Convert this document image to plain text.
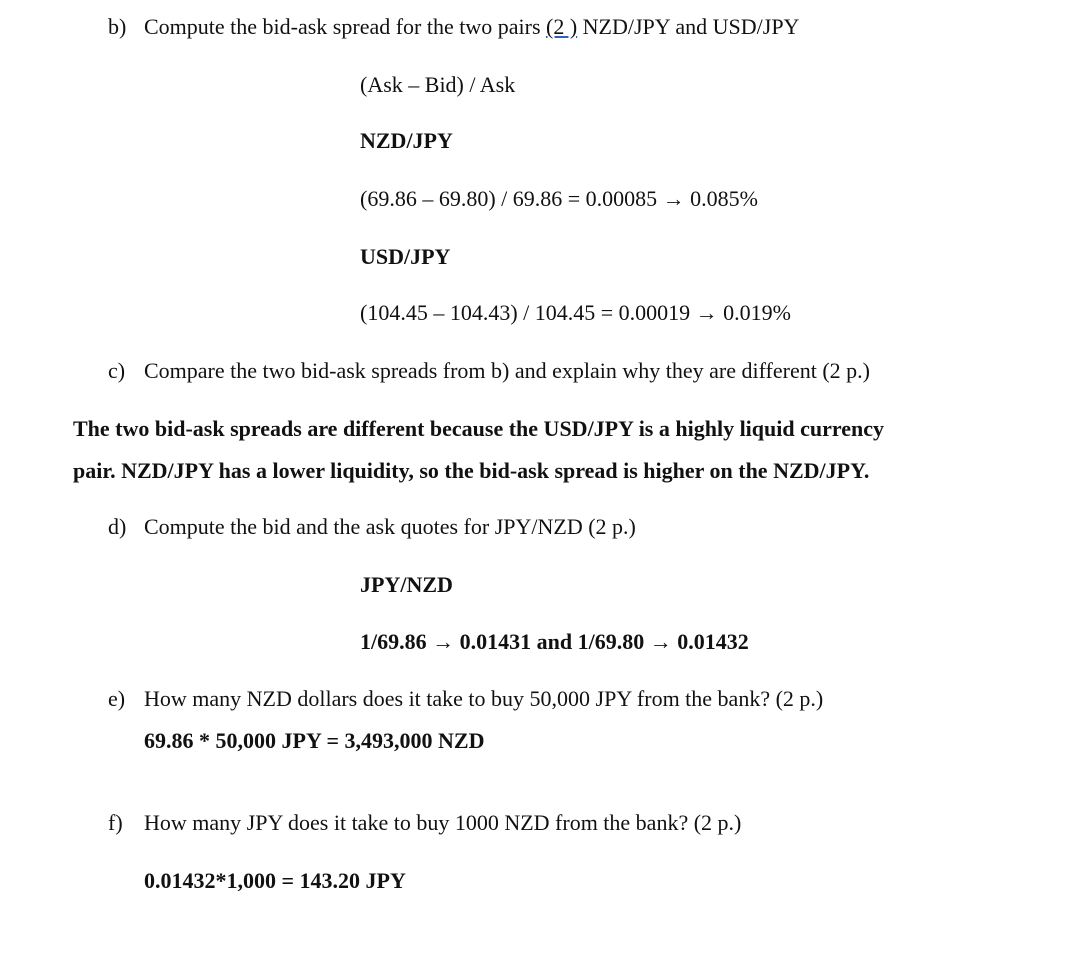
b) Compute the bid-ask spread for the two pairs (2 ) NZD/JPY and USD/JPY
(Ask – Bid) / Ask
NZD/JPY
(69.86 – 69.80) / 69.86 = 0.00085 → 0.085%
USD/JPY
(104.45 – 104.43) / 104.45 = 0.00019 → 0.019%
c) Compare the two bid-ask spreads from b) and explain why they are different (2 p.)
The two bid-ask spreads are different because the USD/JPY is a highly liquid currency
pair. NZD/JPY has a lower liquidity, so the bid-ask spread is higher on the NZD/JPY.
d) Compute the bid and the ask quotes for JPY/NZD (2 p.)
JPY/NZD
1/69.86 → 0.01431 and 1/69.80 → 0.01432
e) How many NZD dollars does it take to buy 50,000 JPY from the bank? (2 p.)
69.86 * 50,000 JPY = 3,493,000 NZD
f) How many JPY does it take to buy 1000 NZD from the bank? (2 p.)
0.01432*1,000 = 143.20 JPY
